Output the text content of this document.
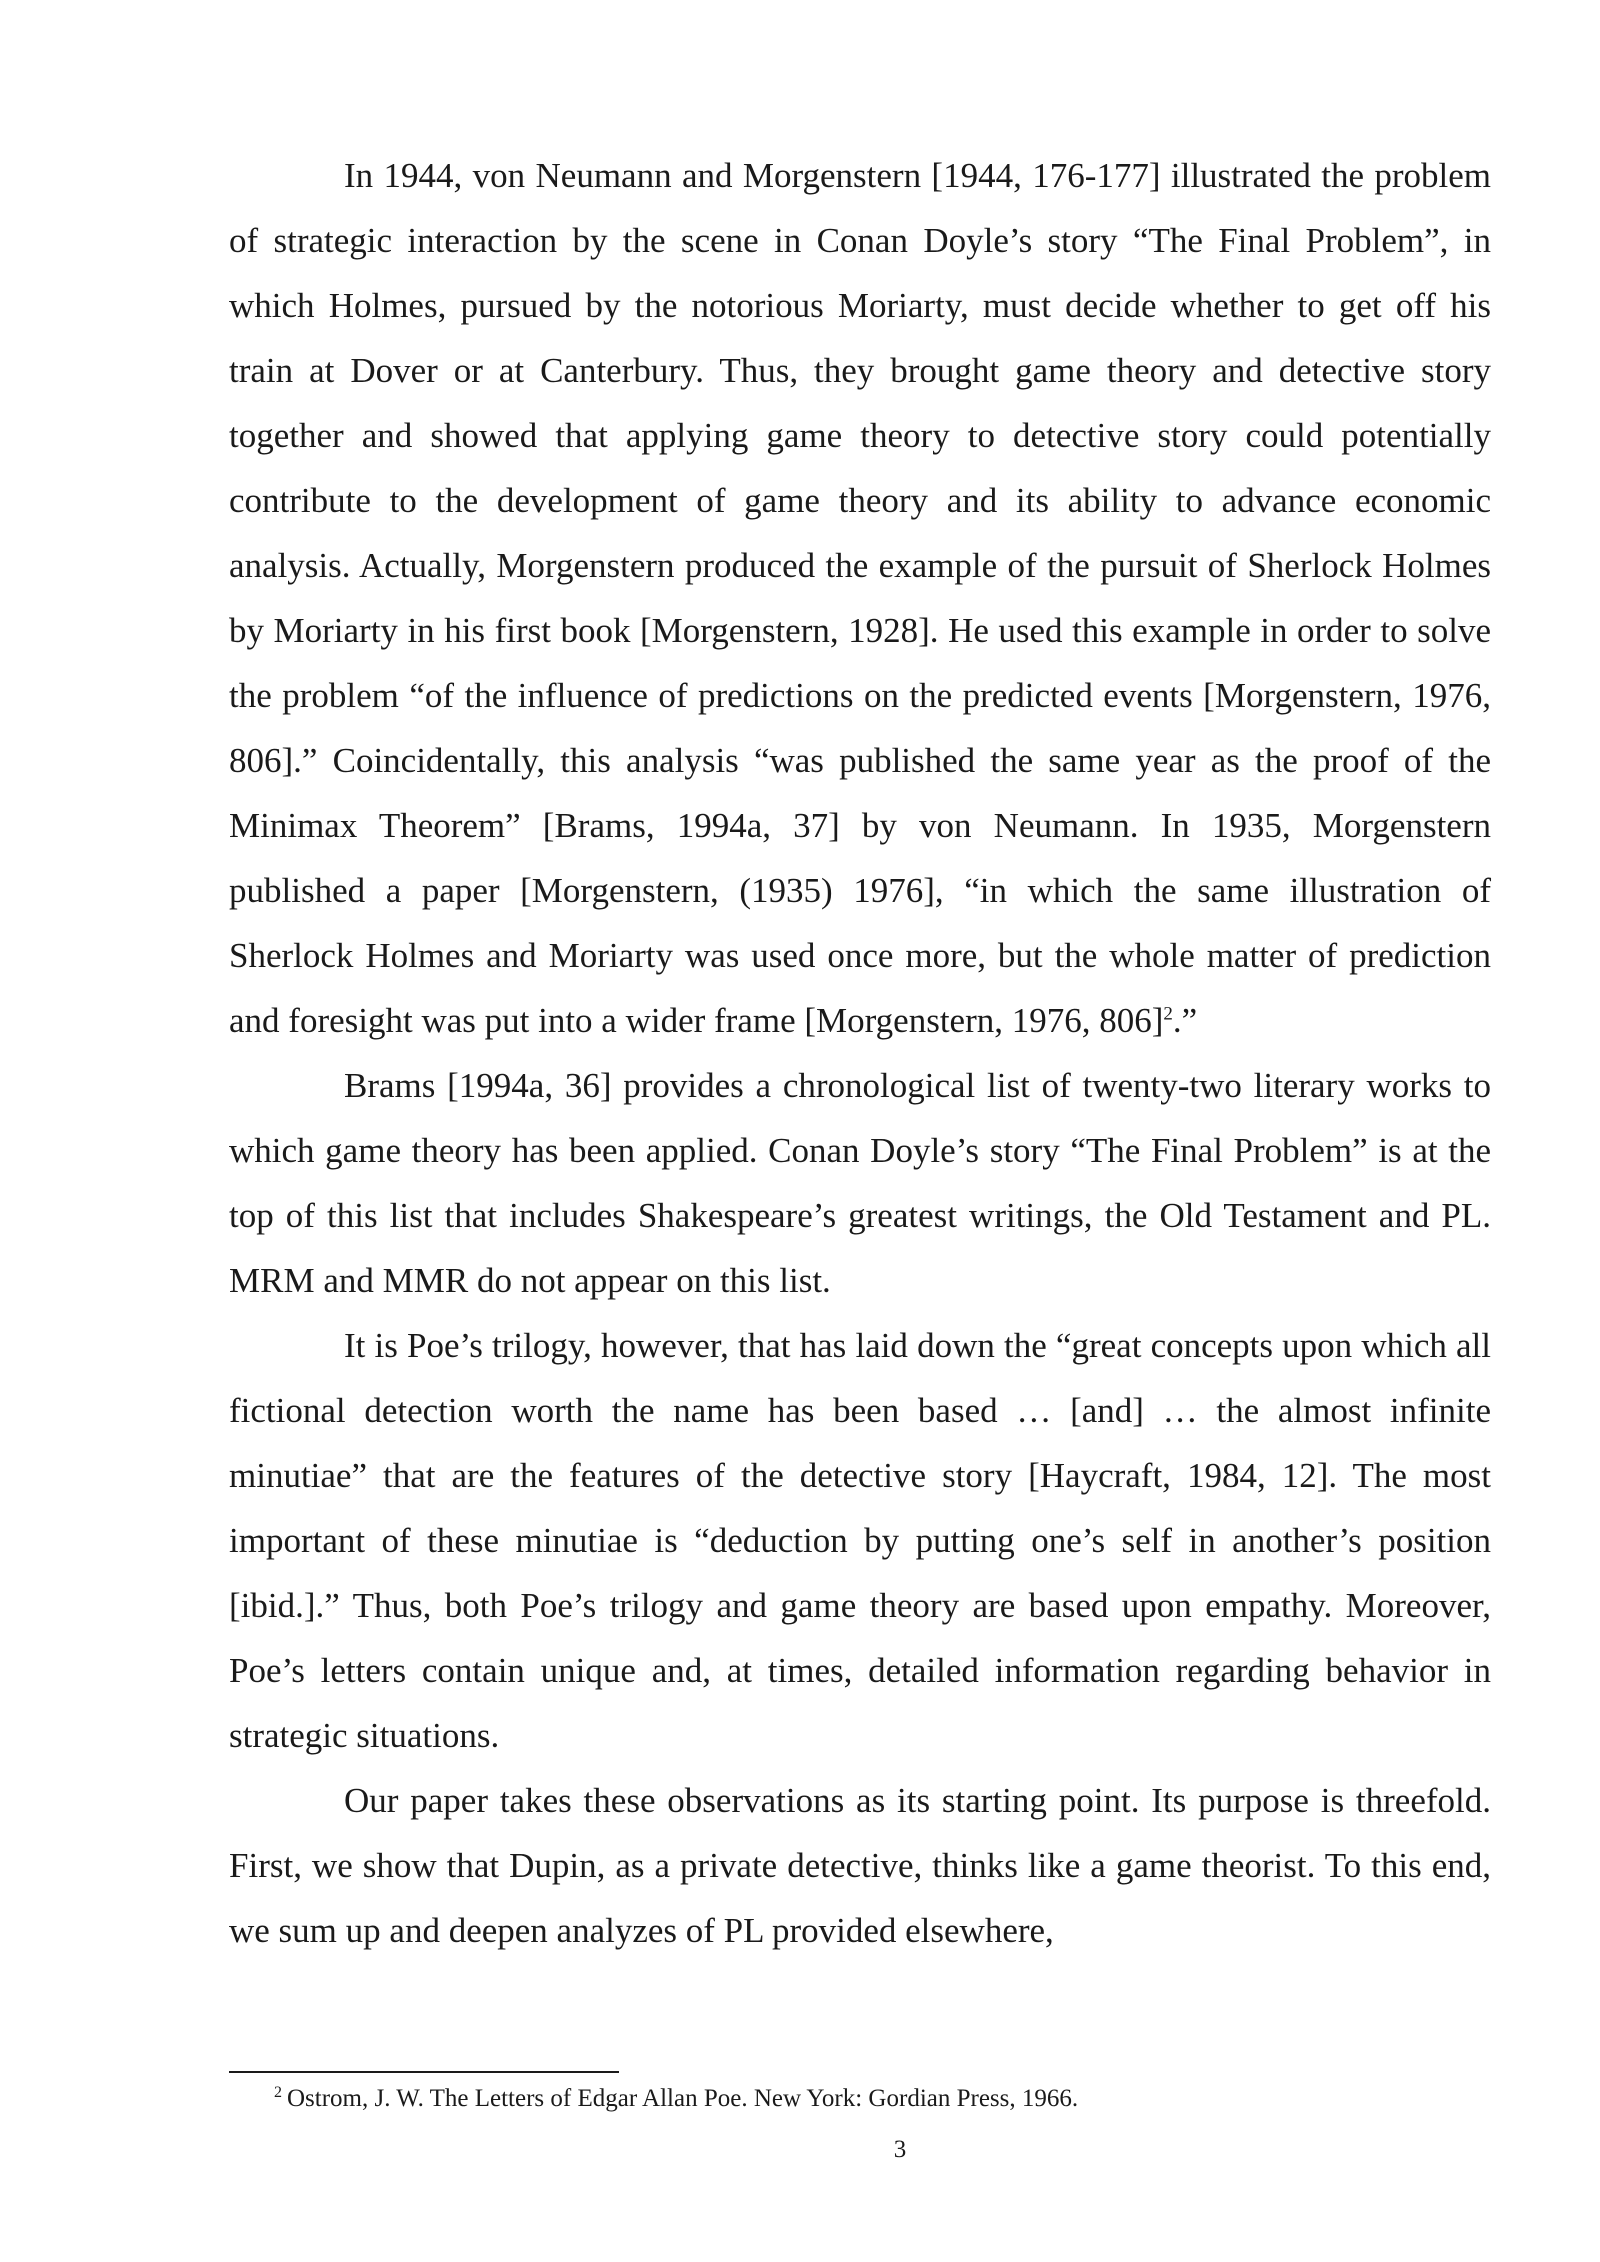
In 1944, von Neumann and Morgenstern [1944, 176-177] illustrated the problem of strategic interaction by the scene in Conan Doyle’s story “The Final Problem”, in which Holmes, pursued by the notorious Moriarty, must decide whether to get off his train at Dover or at Canterbury. Thus, they brought game theory and detective story together and showed that applying game theory to detective story could potentially contribute to the development of game theory and its ability to advance economic analysis. Actually, Morgenstern produced the example of the pursuit of Sherlock Holmes by Moriarty in his first book [Morgenstern, 1928]. He used this example in order to solve the problem “of the influence of predictions on the predicted events [Morgenstern, 1976, 806].” Coincidentally, this analysis “was published the same year as the proof of the Minimax Theorem” [Brams, 1994a, 37] by von Neumann. In 1935, Morgenstern published a paper [Morgenstern, (1935) 1976], “in which the same illustration of Sherlock Holmes and Moriarty was used once more, but the whole matter of prediction and foresight was put into a wider frame [Morgenstern, 1976, 806]$^2$.”

Brams [1994a, 36] provides a chronological list of twenty-two literary works to which game theory has been applied. Conan Doyle’s story “The Final Problem” is at the top of this list that includes Shakespeare’s greatest writings, the Old Testament and PL. MRM and MMR do not appear on this list.

It is Poe’s trilogy, however, that has laid down the “great concepts upon which all fictional detection worth the name has been based … [and] … the almost infinite minutiae” that are the features of the detective story [Haycraft, 1984, 12]. The most important of these minutiae is “deduction by putting one’s self in another’s position [ibid.].” Thus, both Poe’s trilogy and game theory are based upon empathy. Moreover, Poe’s letters contain unique and, at times, detailed information regarding behavior in strategic situations.

Our paper takes these observations as its starting point. Its purpose is threefold. First, we show that Dupin, as a private detective, thinks like a game theorist. To this end, we sum up and deepen analyzes of PL provided elsewhere,

$^2$ Ostrom, J. W. The Letters of Edgar Allan Poe. New York: Gordian Press, 1966.
3
